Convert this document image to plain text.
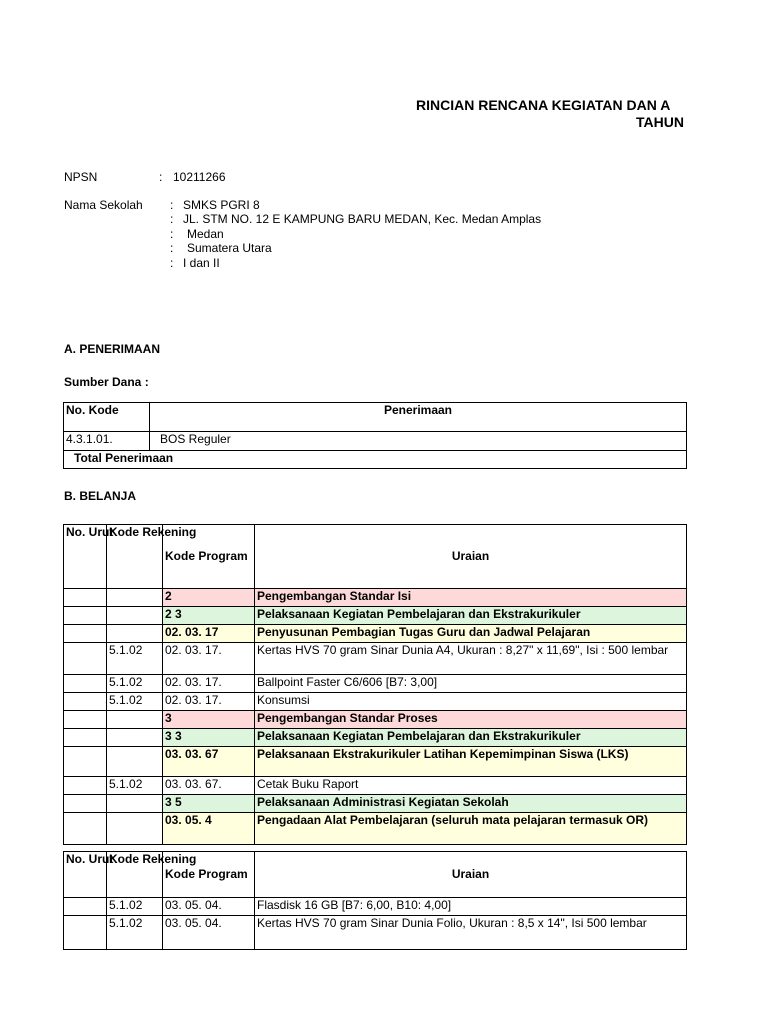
RINCIAN RENCANA KEGIATAN DAN A
TAHUN
NPSN	: 10211266
Nama Sekolah : SMKS PGRI 8
: JL. STM NO. 12 E KAMPUNG BARU MEDAN, Kec. Medan Amplas
: Medan
: Sumatera Utara
: I dan II
A. PENERIMAAN
Sumber Dana :
No. Kode	Penerimaan
4.3.1.01.	BOS Reguler
Total Penerimaan	
B. BELANJA
No. Urut	Kode Rekening	Kode Program	Uraian
		2	Pengembangan Standar Isi
		2 3	Pelaksanaan Kegiatan Pembelajaran dan Ekstrakurikuler
		02. 03. 17	Penyusunan Pembagian Tugas Guru dan Jadwal Pelajaran
	5.1.02	02. 03. 17.	Kertas HVS 70 gram Sinar Dunia A4, Ukuran : 8,27" x 11,69", Isi : 500 lembar
	5.1.02	02. 03. 17.	Ballpoint Faster C6/606 [B7: 3,00]
	5.1.02	02. 03. 17.	Konsumsi
		3	Pengembangan Standar Proses
		3 3	Pelaksanaan Kegiatan Pembelajaran dan Ekstrakurikuler
		03. 03. 67	Pelaksanaan Ekstrakurikuler Latihan Kepemimpinan Siswa (LKS)
	5.1.02	03. 03. 67.	Cetak Buku Raport
		3 5	Pelaksanaan Administrasi Kegiatan Sekolah
		03. 05. 4	Pengadaan Alat Pembelajaran (seluruh mata pelajaran termasuk OR)
No. Urut	Kode Rekening	Kode Program	Uraian
	5.1.02	03. 05. 04.	Flasdisk 16 GB [B7: 6,00, B10: 4,00]
	5.1.02	03. 05. 04.	Kertas HVS 70 gram Sinar Dunia Folio, Ukuran : 8,5 x 14", Isi 500 lembar
